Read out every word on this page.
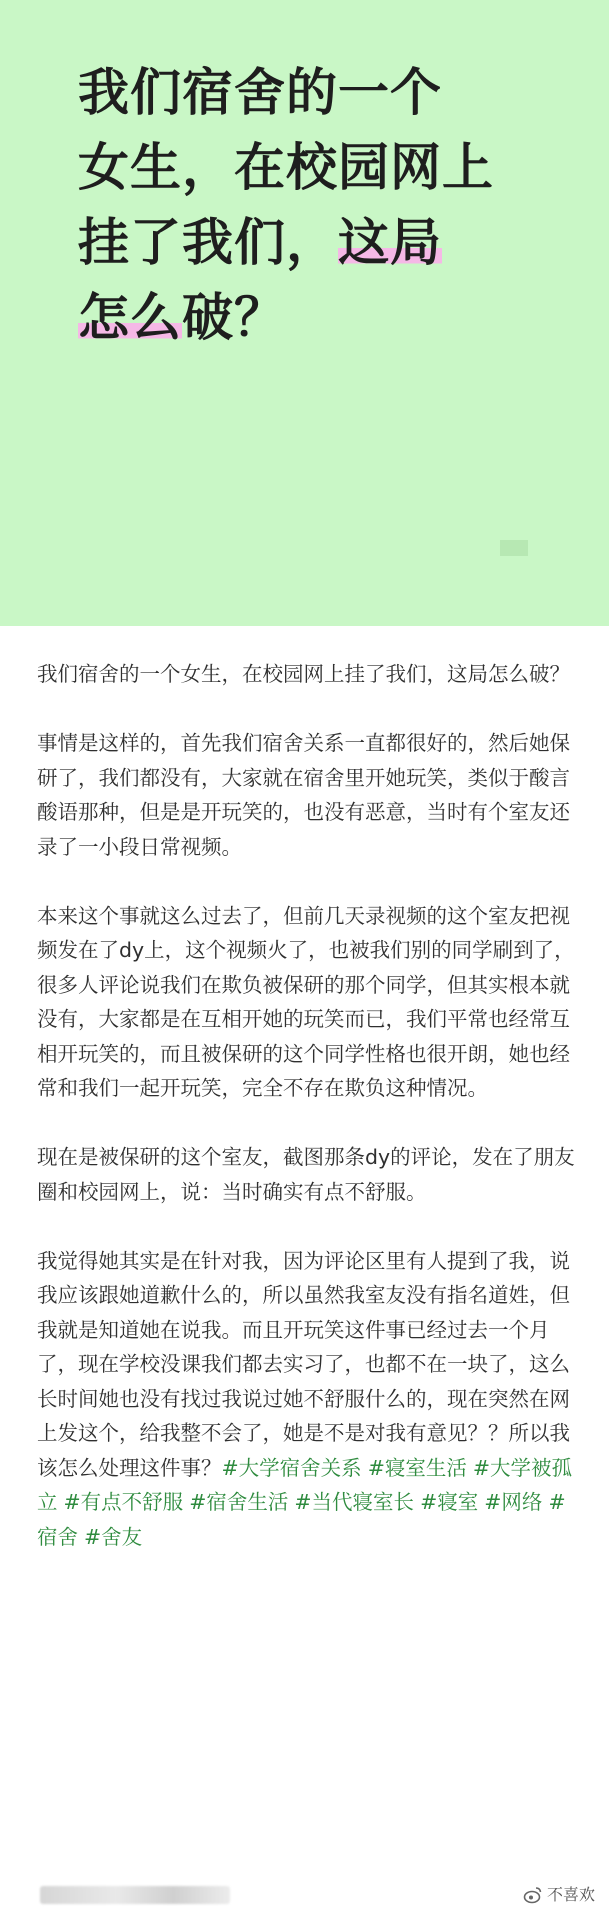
我们宿舍的一个
女生，在校园网上
挂了我们，这局
怎么破？

我们宿舍的一个女生，在校园网上挂了我们，这局怎么破？

事情是这样的，首先我们宿舍关系一直都很好的，然后她保研了，我们都没有，大家就在宿舍里开她玩笑，类似于酸言酸语那种，但是是开玩笑的，也没有恶意，当时有个室友还录了一小段日常视频。

本来这个事就这么过去了，但前几天录视频的这个室友把视频发在了dy上，这个视频火了，也被我们别的同学刷到了，很多人评论说我们在欺负被保研的那个同学，但其实根本就没有，大家都是在互相开她的玩笑而已，我们平常也经常互相开玩笑的，而且被保研的这个同学性格也很开朗，她也经常和我们一起开玩笑，完全不存在欺负这种情况。

现在是被保研的这个室友，截图那条dy的评论，发在了朋友圈和校园网上，说：当时确实有点不舒服。

我觉得她其实是在针对我，因为评论区里有人提到了我，说我应该跟她道歉什么的，所以虽然我室友没有指名道姓，但我就是知道她在说我。而且开玩笑这件事已经过去一个月了，现在学校没课我们都去实习了，也都不在一块了，这么长时间她也没有找过我说过她不舒服什么的，现在突然在网上发这个，给我整不会了，她是不是对我有意见？？所以我该怎么处理这件事？#大学宿舍关系 #寝室生活 #大学被孤立 #有点不舒服 #宿舍生活 #当代寝室长 #寝室 #网络 #宿舍 #舍友

不喜欢
